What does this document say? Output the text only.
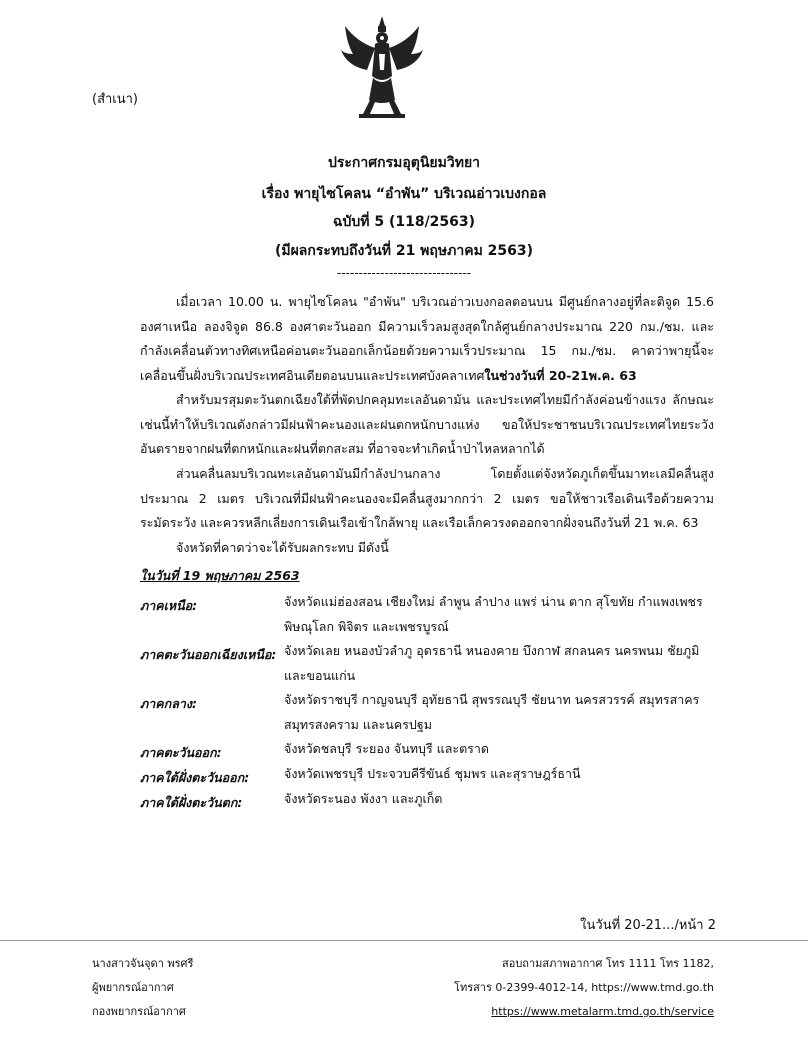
(สำเนา)
ประกาศกรมอุตุนิยมวิทยา
เรื่อง พายุไซโคลน “อำพัน” บริเวณอ่าวเบงกอล
ฉบับที่ 5 (118/2563)
(มีผลกระทบถึงวันที่ 21 พฤษภาคม 2563)
-------------------------------
เมื่อเวลา 10.00 น. พายุไซโคลน "อำพัน" บริเวณอ่าวเบงกอลตอนบน มีศูนย์กลางอยู่ที่ละติจูด 15.6 องศาเหนือ ลองจิจูด 86.8 องศาตะวันออก มีความเร็วลมสูงสุดใกล้ศูนย์กลางประมาณ 220 กม./ชม. และกำลังเคลื่อนตัวทางทิศเหนือค่อนตะวันออกเล็กน้อยด้วยความเร็วประมาณ 15 กม./ชม. คาดว่าพายุนี้จะเคลื่อนขึ้นฝั่งบริเวณประเทศอินเดียตอนบนและประเทศบังคลาเทศในช่วงวันที่ 20-21พ.ค. 63
สำหรับมรสุมตะวันตกเฉียงใต้ที่พัดปกคลุมทะเลอันดามัน และประเทศไทยมีกำลังค่อนข้างแรง ลักษณะเช่นนี้ทำให้บริเวณดังกล่าวมีฝนฟ้าคะนองและฝนตกหนักบางแห่ง ขอให้ประชาชนบริเวณประเทศไทยระวังอันตรายจากฝนที่ตกหนักและฝนที่ตกสะสม ที่อาจจะทำเกิดน้ำป่าไหลหลากได้
ส่วนคลื่นลมบริเวณทะเลอันดามันมีกำลังปานกลาง โดยตั้งแต่จังหวัดภูเก็ตขึ้นมาทะเลมีคลื่นสูงประมาณ 2 เมตร บริเวณที่มีฝนฟ้าคะนองจะมีคลื่นสูงมากกว่า 2 เมตร ขอให้ชาวเรือเดินเรือด้วยความระมัดระวัง และควรหลีกเลี่ยงการเดินเรือเข้าใกล้พายุ และเรือเล็กควรงดออกจากฝั่งจนถึงวันที่ 21 พ.ค. 63
จังหวัดที่คาดว่าจะได้รับผลกระทบ มีดังนี้
ในวันที่ 19 พฤษภาคม 2563
ภาคเหนือ:	จังหวัดแม่ฮ่องสอน เชียงใหม่ ลำพูน ลำปาง แพร่ น่าน ตาก สุโขทัย กำแพงเพชร พิษณุโลก พิจิตร และเพชรบูรณ์
ภาคตะวันออกเฉียงเหนือ: จังหวัดเลย หนองบัวลำภู อุดรธานี หนองคาย บึงกาฬ สกลนคร นครพนม ชัยภูมิ และขอนแก่น
ภาคกลาง:	จังหวัดราชบุรี กาญจนบุรี อุทัยธานี สุพรรณบุรี ชัยนาท นครสวรรค์ สมุทรสาคร สมุทรสงคราม และนครปฐม
ภาคตะวันออก:	จังหวัดชลบุรี ระยอง จันทบุรี และตราด
ภาคใต้ฝั่งตะวันออก:	จังหวัดเพชรบุรี ประจวบคีรีขันธ์ ชุมพร และสุราษฎร์ธานี
ภาคใต้ฝั่งตะวันตก:	จังหวัดระนอง พังงา และภูเก็ต
ในวันที่ 20-21.../หน้า 2
นางสาวจันจุดา พรศรี
ผู้พยากรณ์อากาศ
กองพยากรณ์อากาศ
สอบถามสภาพอากาศ โทร 1111 โทร 1182,
โทรสาร 0-2399-4012-14, https://www.tmd.go.th
https://www.metalarm.tmd.go.th/service
